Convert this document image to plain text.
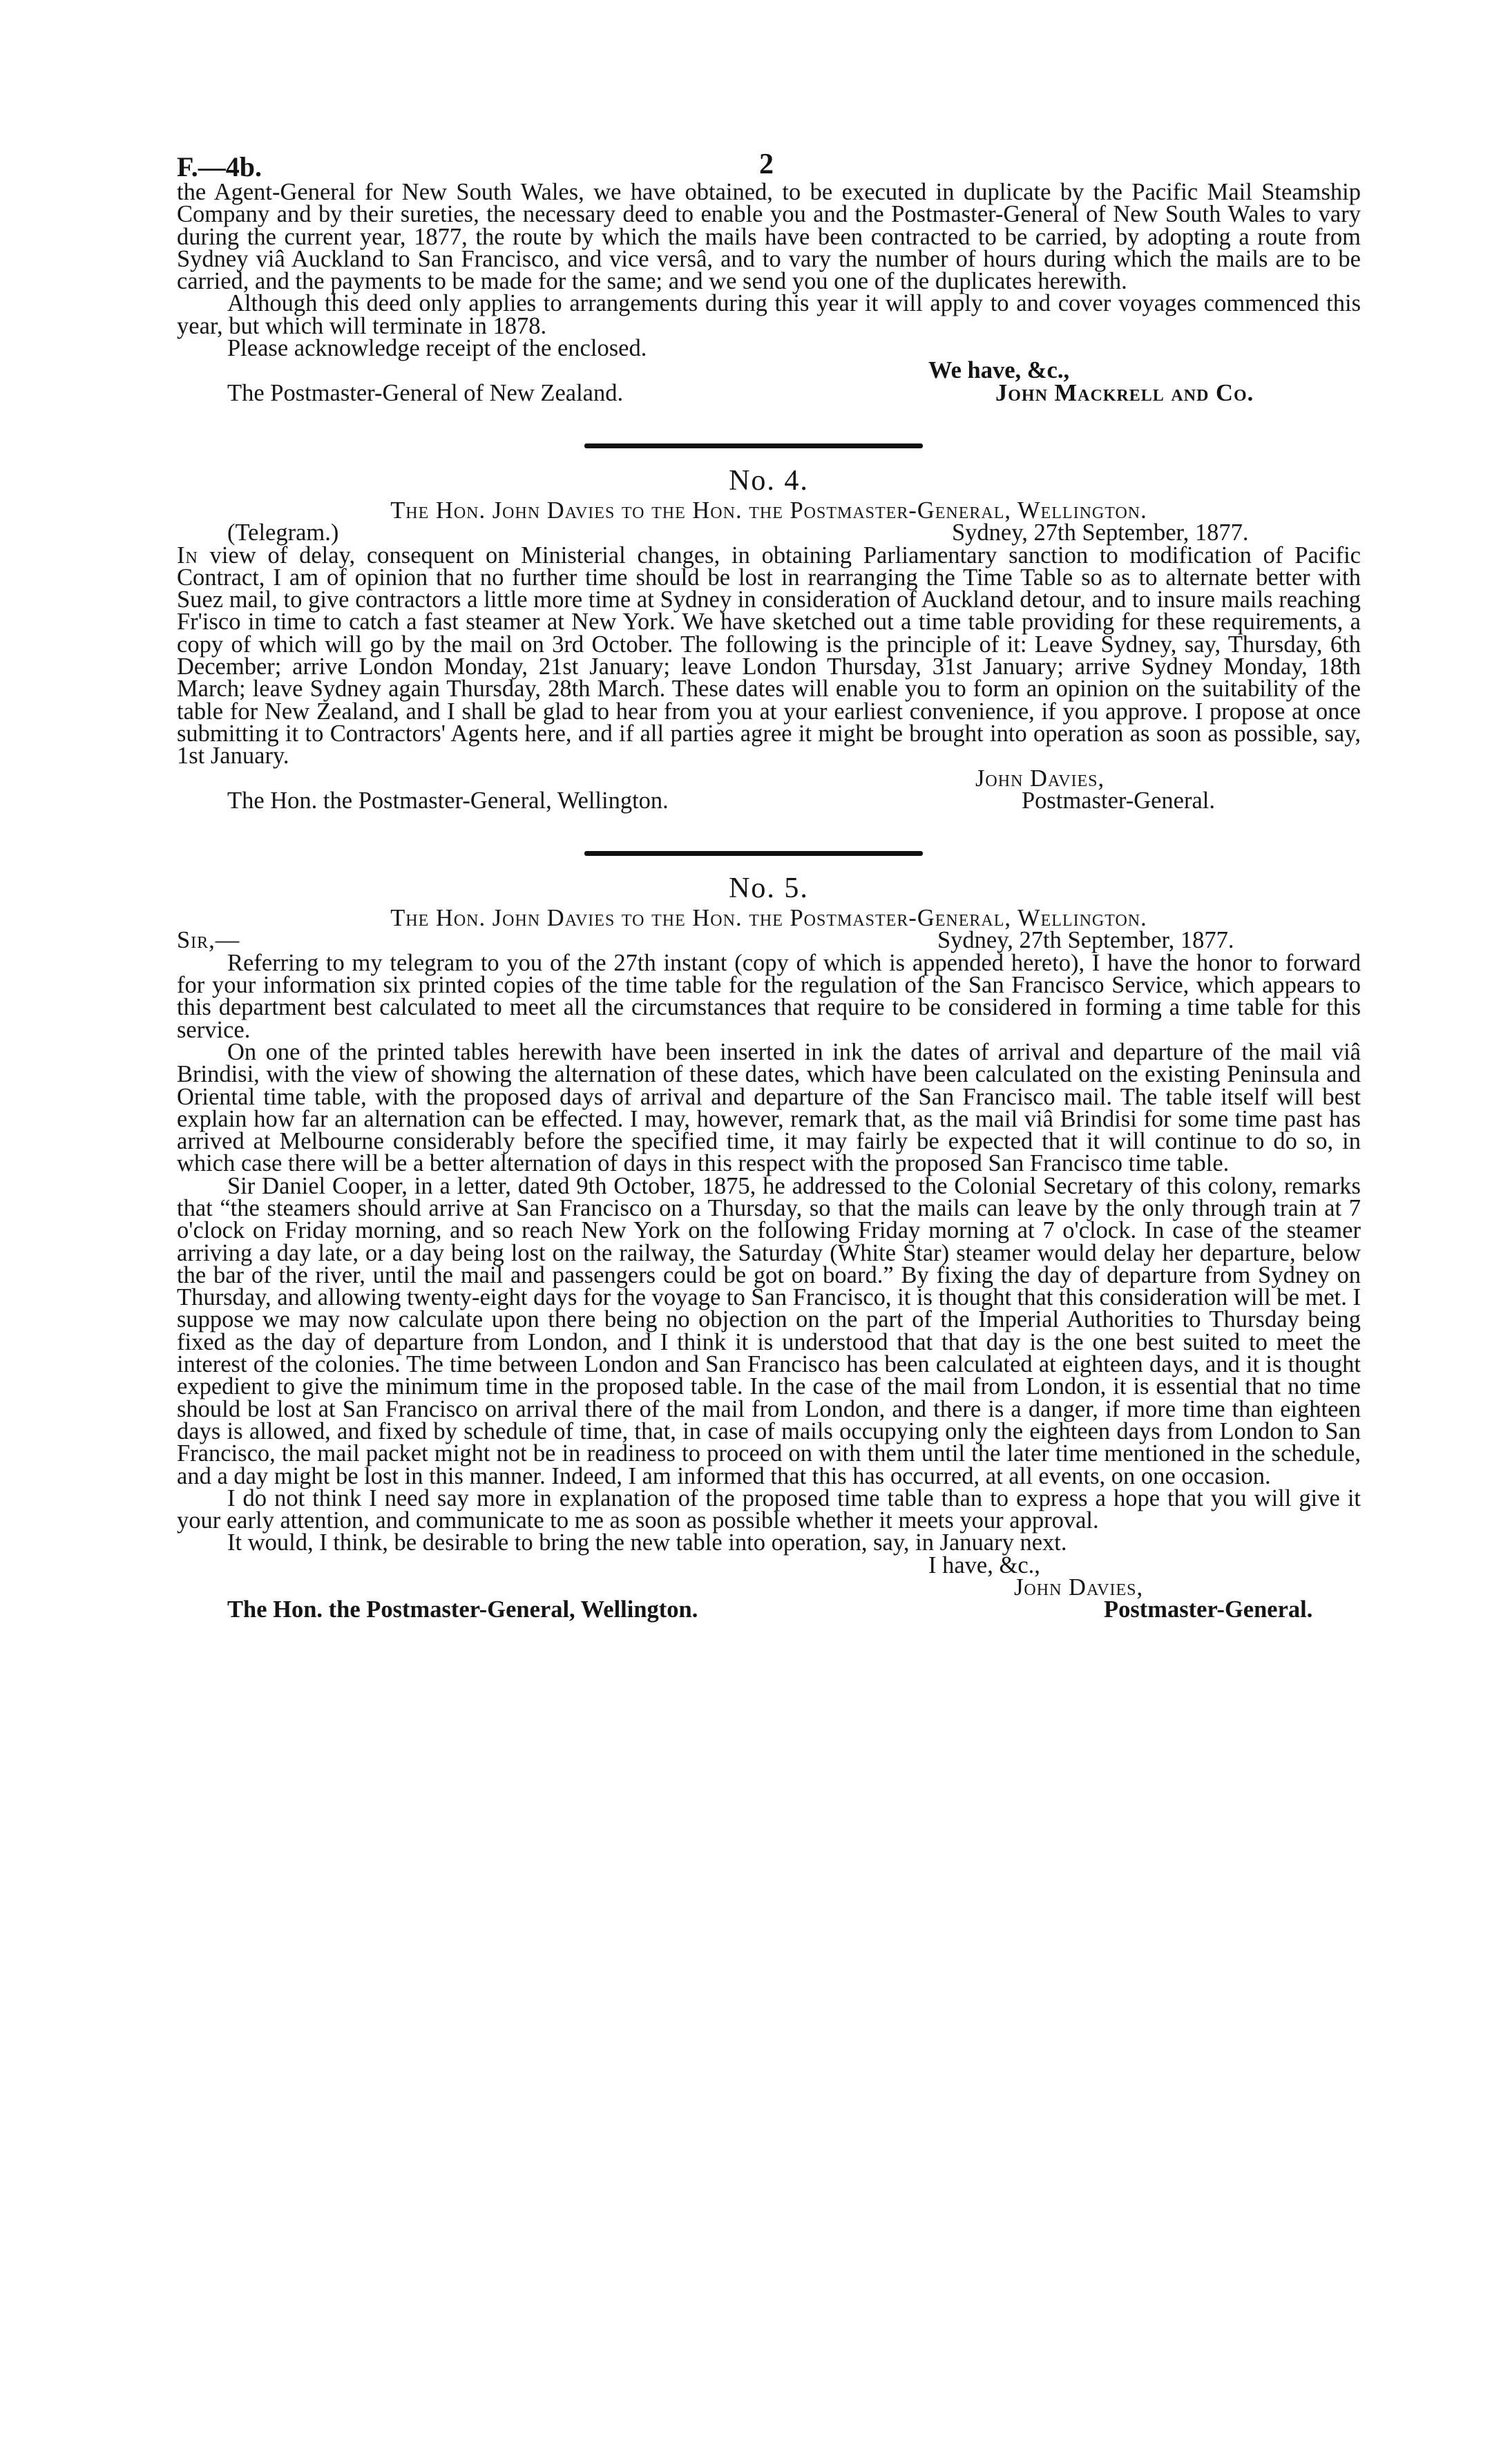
F.—4b.	2

the Agent-General for New South Wales, we have obtained, to be executed in duplicate by the Pacific Mail Steamship Company and by their sureties, the necessary deed to enable you and the Postmaster-General of New South Wales to vary during the current year, 1877, the route by which the mails have been contracted to be carried, by adopting a route from Sydney viâ Auckland to San Francisco, and vice versâ, and to vary the number of hours during which the mails are to be carried, and the payments to be made for the same; and we send you one of the duplicates herewith.

Although this deed only applies to arrangements during this year it will apply to and cover voyages commenced this year, but which will terminate in 1878.

Please acknowledge receipt of the enclosed.

We have, &c.,
The Postmaster-General of New Zealand.	John Mackrell and Co.
No. 4.

The Hon. John Davies to the Hon. the Postmaster-General, Wellington.

(Telegram.)	Sydney, 27th September, 1877.

In view of delay, consequent on Ministerial changes, in obtaining Parliamentary sanction to modification of Pacific Contract, I am of opinion that no further time should be lost in rearranging the Time Table so as to alternate better with Suez mail, to give contractors a little more time at Sydney in consideration of Auckland detour, and to insure mails reaching Fr'isco in time to catch a fast steamer at New York. We have sketched out a time table providing for these requirements, a copy of which will go by the mail on 3rd October. The following is the principle of it: Leave Sydney, say, Thursday, 6th December; arrive London Monday, 21st January; leave London Thursday, 31st January; arrive Sydney Monday, 18th March; leave Sydney again Thursday, 28th March. These dates will enable you to form an opinion on the suitability of the table for New Zealand, and I shall be glad to hear from you at your earliest convenience, if you approve. I propose at once submitting it to Contractors' Agents here, and if all parties agree it might be brought into operation as soon as possible, say, 1st January.

John Davies,
The Hon. the Postmaster-General, Wellington.	Postmaster-General.
No. 5.

The Hon. John Davies to the Hon. the Postmaster-General, Wellington.

Sir,—	Sydney, 27th September, 1877.

Referring to my telegram to you of the 27th instant (copy of which is appended hereto), I have the honor to forward for your information six printed copies of the time table for the regulation of the San Francisco Service, which appears to this department best calculated to meet all the circumstances that require to be considered in forming a time table for this service.

On one of the printed tables herewith have been inserted in ink the dates of arrival and departure of the mail viâ Brindisi, with the view of showing the alternation of these dates, which have been calculated on the existing Peninsula and Oriental time table, with the proposed days of arrival and departure of the San Francisco mail. The table itself will best explain how far an alternation can be effected. I may, however, remark that, as the mail viâ Brindisi for some time past has arrived at Melbourne considerably before the specified time, it may fairly be expected that it will continue to do so, in which case there will be a better alternation of days in this respect with the proposed San Francisco time table.

Sir Daniel Cooper, in a letter, dated 9th October, 1875, he addressed to the Colonial Secretary of this colony, remarks that “the steamers should arrive at San Francisco on a Thursday, so that the mails can leave by the only through train at 7 o'clock on Friday morning, and so reach New York on the following Friday morning at 7 o'clock. In case of the steamer arriving a day late, or a day being lost on the railway, the Saturday (White Star) steamer would delay her departure, below the bar of the river, until the mail and passengers could be got on board.” By fixing the day of departure from Sydney on Thursday, and allowing twenty-eight days for the voyage to San Francisco, it is thought that this consideration will be met. I suppose we may now calculate upon there being no objection on the part of the Imperial Authorities to Thursday being fixed as the day of departure from London, and I think it is understood that that day is the one best suited to meet the interest of the colonies. The time between London and San Francisco has been calculated at eighteen days, and it is thought expedient to give the minimum time in the proposed table. In the case of the mail from London, it is essential that no time should be lost at San Francisco on arrival there of the mail from London, and there is a danger, if more time than eighteen days is allowed, and fixed by schedule of time, that, in case of mails occupying only the eighteen days from London to San Francisco, the mail packet might not be in readiness to proceed on with them until the later time mentioned in the schedule, and a day might be lost in this manner. Indeed, I am informed that this has occurred, at all events, on one occasion.

I do not think I need say more in explanation of the proposed time table than to express a hope that you will give it your early attention, and communicate to me as soon as possible whether it meets your approval.

It would, I think, be desirable to bring the new table into operation, say, in January next.

I have, &c.,
John Davies,
The Hon. the Postmaster-General, Wellington.	Postmaster-General.
